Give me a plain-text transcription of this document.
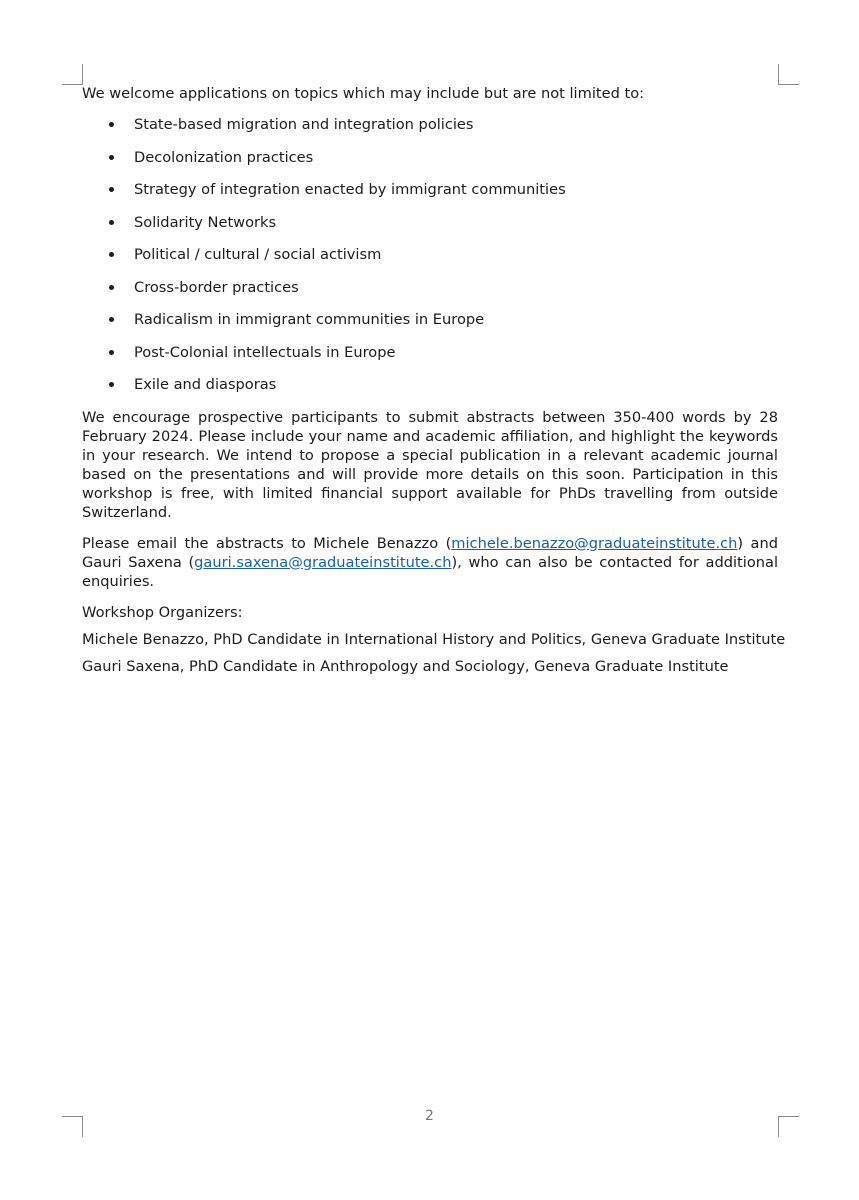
We welcome applications on topics which may include but are not limited to:

State-based migration and integration policies
Decolonization practices
Strategy of integration enacted by immigrant communities
Solidarity Networks
Political / cultural / social activism
Cross-border practices
Radicalism in immigrant communities in Europe
Post-Colonial intellectuals in Europe
Exile and diasporas

We encourage prospective participants to submit abstracts between 350-400 words by 28 February 2024. Please include your name and academic affiliation, and highlight the keywords in your research. We intend to propose a special publication in a relevant academic journal based on the presentations and will provide more details on this soon. Participation in this workshop is free, with limited financial support available for PhDs travelling from outside Switzerland.

Please email the abstracts to Michele Benazzo (michele.benazzo@graduateinstitute.ch) and Gauri Saxena (gauri.saxena@graduateinstitute.ch), who can also be contacted for additional enquiries.

Workshop Organizers:

Michele Benazzo, PhD Candidate in International History and Politics, Geneva Graduate Institute

Gauri Saxena, PhD Candidate in Anthropology and Sociology, Geneva Graduate Institute

2
